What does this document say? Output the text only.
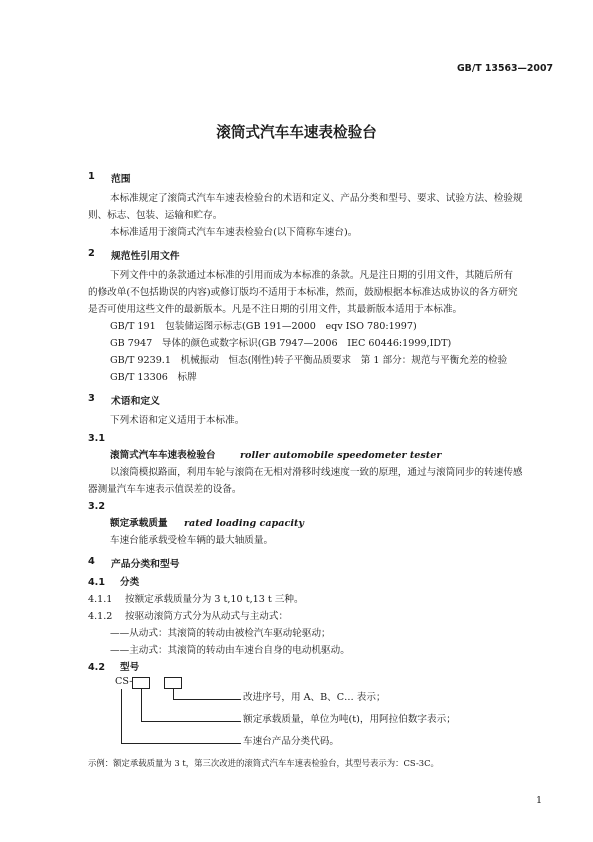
GB/T 13563—2007
滚筒式汽车车速表检验台
1 范围
本标准规定了滚筒式汽车车速表检验台的术语和定义、产品分类和型号、要求、试验方法、检验规
则、标志、包装、运输和贮存。
本标准适用于滚筒式汽车车速表检验台(以下简称车速台)。
2 规范性引用文件
下列文件中的条款通过本标准的引用而成为本标准的条款。凡是注日期的引用文件，其随后所有
的修改单(不包括勘误的内容)或修订版均不适用于本标准，然而，鼓励根据本标准达成协议的各方研究
是否可使用这些文件的最新版本。凡是不注日期的引用文件，其最新版本适用于本标准。
GB/T 191　包装储运图示标志(GB 191—2000　eqv ISO 780:1997)
GB 7947　导体的颜色或数字标识(GB 7947—2006　IEC 60446:1999,IDT)
GB/T 9239.1　机械振动　恒态(刚性)转子平衡品质要求　第 1 部分：规范与平衡允差的检验
GB/T 13306　标牌
3 术语和定义
下列术语和定义适用于本标准。
3.1
滚筒式汽车车速表检验台	roller automobile speedometer tester
以滚筒模拟路面，利用车轮与滚筒在无相对滑移时线速度一致的原理，通过与滚筒同步的转速传感
器测量汽车车速表示值误差的设备。
3.2
额定承载质量 rated loading capacity
车速台能承载受检车辆的最大轴质量。
4 产品分类和型号
4.1 分类
4.1.1 按额定承载质量分为 3 t,10 t,13 t 三种。
4.1.2 按驱动滚筒方式分为从动式与主动式：
——从动式：其滚筒的转动由被检汽车驱动轮驱动；
——主动式：其滚筒的转动由车速台自身的电动机驱动。
4.2 型号
CS-
改进序号，用 A、B、C… 表示；
额定承载质量，单位为吨(t)，用阿拉伯数字表示；
车速台产品分类代码。
示例：额定承载质量为 3 t，第三次改进的滚筒式汽车车速表检验台，其型号表示为：CS-3C。
1
